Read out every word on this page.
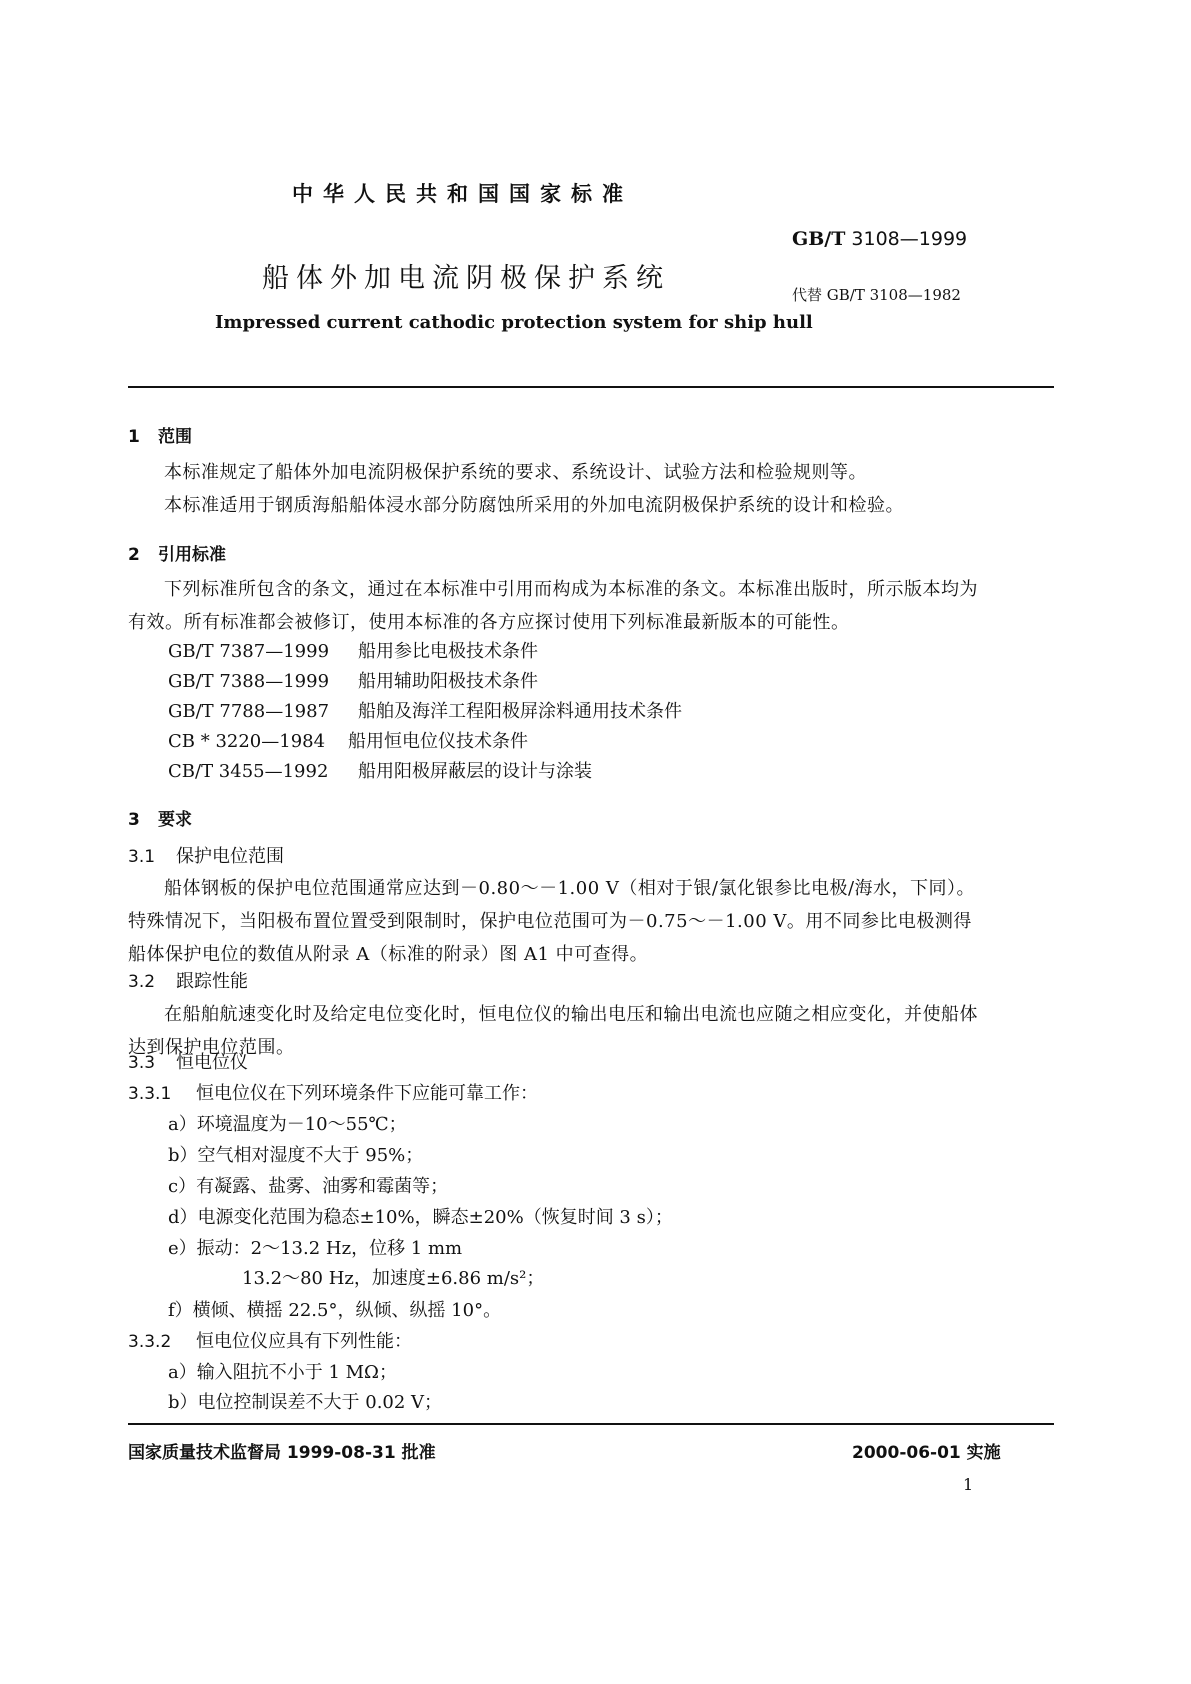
中华人民共和国国家标准
GB/T 3108—1999
船体外加电流阴极保护系统
代替 GB/T 3108—1982
Impressed current cathodic protection system for ship hull
1 范围
本标准规定了船体外加电流阴极保护系统的要求、系统设计、试验方法和检验规则等。
本标准适用于钢质海船船体浸水部分防腐蚀所采用的外加电流阴极保护系统的设计和检验。
2 引用标准
下列标准所包含的条文，通过在本标准中引用而构成为本标准的条文。本标准出版时，所示版本均为有效。所有标准都会被修订，使用本标准的各方应探讨使用下列标准最新版本的可能性。
GB/T 7387—1999 船用参比电极技术条件
GB/T 7388—1999 船用辅助阳极技术条件
GB/T 7788—1987 船舶及海洋工程阳极屏涂料通用技术条件
CB * 3220—1984 船用恒电位仪技术条件
CB/T 3455—1992 船用阳极屏蔽层的设计与涂装
3 要求
3.1 保护电位范围
船体钢板的保护电位范围通常应达到－0.80～－1.00 V（相对于银/氯化银参比电极/海水，下同）。特殊情况下，当阳极布置位置受到限制时，保护电位范围可为－0.75～－1.00 V。用不同参比电极测得船体保护电位的数值从附录 A（标准的附录）图 A1 中可查得。
3.2 跟踪性能
在船舶航速变化时及给定电位变化时，恒电位仪的输出电压和输出电流也应随之相应变化，并使船体达到保护电位范围。
3.3 恒电位仪
3.3.1 恒电位仪在下列环境条件下应能可靠工作：
a）环境温度为－10～55℃；
b）空气相对湿度不大于 95%；
c）有凝露、盐雾、油雾和霉菌等；
d）电源变化范围为稳态±10%，瞬态±20%（恢复时间 3 s）；
e）振动：2～13.2 Hz，位移 1 mm
13.2～80 Hz，加速度±6.86 m/s²；
f）横倾、横摇 22.5°，纵倾、纵摇 10°。
3.3.2 恒电位仪应具有下列性能：
a）输入阻抗不小于 1 MΩ；
b）电位控制误差不大于 0.02 V；
国家质量技术监督局 1999-08-31 批准	2000-06-01 实施
1
